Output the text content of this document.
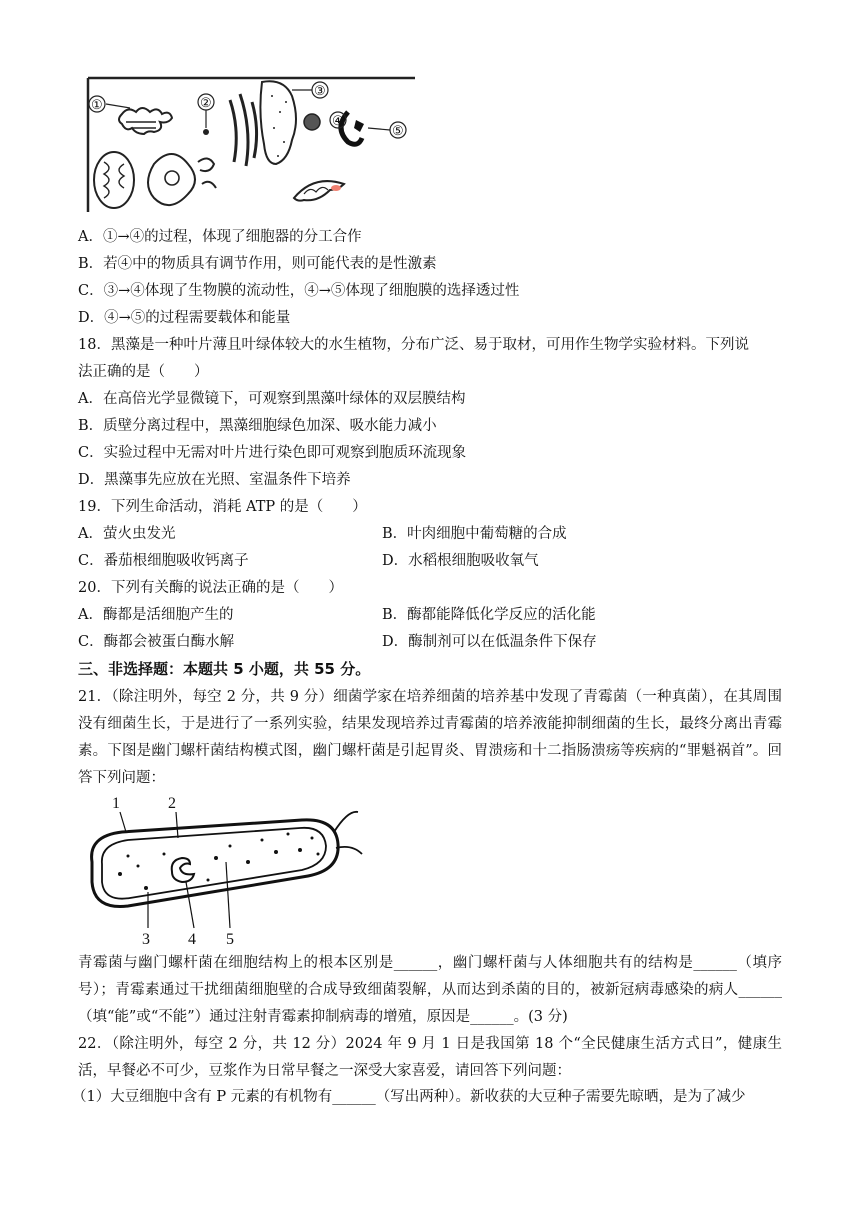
①	②
③
④
⑤
A．①→④的过程，体现了细胞器的分工合作
B．若④中的物质具有调节作用，则可能代表的是性激素
C．③→④体现了生物膜的流动性，④→⑤体现了细胞膜的选择透过性
D．④→⑤的过程需要载体和能量
18．黑藻是一种叶片薄且叶绿体较大的水生植物，分布广泛、易于取材，可用作生物学实验材料。下列说
法正确的是（　　）
A．在高倍光学显微镜下，可观察到黑藻叶绿体的双层膜结构
B．质壁分离过程中，黑藻细胞绿色加深、吸水能力减小
C．实验过程中无需对叶片进行染色即可观察到胞质环流现象
D．黑藻事先应放在光照、室温条件下培养
19．下列生命活动，消耗 ATP 的是（　　）
A．萤火虫发光	B．叶肉细胞中葡萄糖的合成
C．番茄根细胞吸收钙离子	D．水稻根细胞吸收氧气
20．下列有关酶的说法正确的是（　　）
A．酶都是活细胞产生的	B．酶都能降低化学反应的活化能
C．酶都会被蛋白酶水解	D．酶制剂可以在低温条件下保存
三、非选择题：本题共 5 小题，共 55 分。
21．（除注明外，每空 2 分，共 9 分）细菌学家在培养细菌的培养基中发现了青霉菌（一种真菌），在其周围没有细菌生长，于是进行了一系列实验，结果发现培养过青霉菌的培养液能抑制细菌的生长，最终分离出青霉素。下图是幽门螺杆菌结构模式图，幽门螺杆菌是引起胃炎、胃溃疡和十二指肠溃疡等疾病的“罪魁祸首”。回答下列问题：
1	2
3 4 5
青霉菌与幽门螺杆菌在细胞结构上的根本区别是______，幽门螺杆菌与人体细胞共有的结构是______（填序号）；青霉素通过干扰细菌细胞壁的合成导致细菌裂解，从而达到杀菌的目的，被新冠病毒感染的病人______（填“能”或“不能”）通过注射青霉素抑制病毒的增殖，原因是______。(3 分)
22．（除注明外，每空 2 分，共 12 分）2024 年 9 月 1 日是我国第 18 个“全民健康生活方式日”，健康生活，早餐必不可少，豆浆作为日常早餐之一深受大家喜爱，请回答下列问题：
（1）大豆细胞中含有 P 元素的有机物有______（写出两种）。新收获的大豆种子需要先晾晒，是为了减少
